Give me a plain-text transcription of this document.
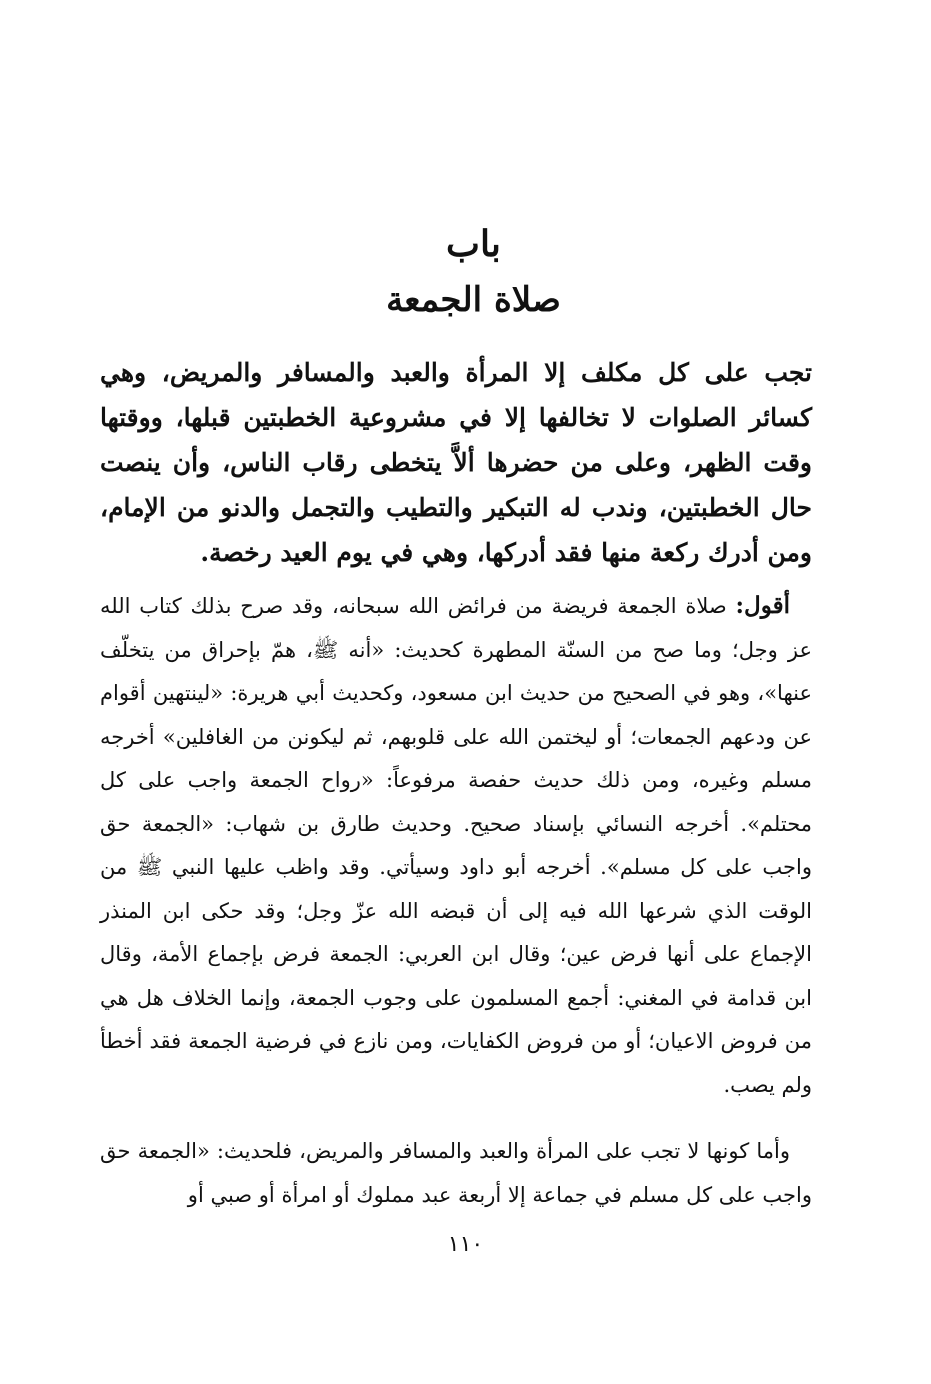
باب
صلاة الجمعة
تجب على كل مكلف إلا المرأة والعبد والمسافر والمريض، وهي كسائر الصلوات لا تخالفها إلا في مشروعية الخطبتين قبلها، ووقتها وقت الظهر، وعلى من حضرها ألاَّ يتخطى رقاب الناس، وأن ينصت حال الخطبتين، وندب له التبكير والتطيب والتجمل والدنو من الإمام، ومن أدرك ركعة منها فقد أدركها، وهي في يوم العيد رخصة.

أقول: صلاة الجمعة فريضة من فرائض الله سبحانه، وقد صرح بذلك كتاب الله عز وجل؛ وما صح من السنّة المطهرة كحديث: «أنه ﷺ، همّ بإحراق من يتخلّف عنها»، وهو في الصحيح من حديث ابن مسعود، وكحديث أبي هريرة: «لينتهين أقوام عن ودعهم الجمعات؛ أو ليختمن الله على قلوبهم، ثم ليكونن من الغافلين» أخرجه مسلم وغيره، ومن ذلك حديث حفصة مرفوعاً: «رواح الجمعة واجب على كل محتلم». أخرجه النسائي بإسناد صحيح. وحديث طارق بن شهاب: «الجمعة حق واجب على كل مسلم». أخرجه أبو داود وسيأتي. وقد واظب عليها النبي ﷺ من الوقت الذي شرعها الله فيه إلى أن قبضه الله عزّ وجل؛ وقد حكى ابن المنذر الإجماع على أنها فرض عين؛ وقال ابن العربي: الجمعة فرض بإجماع الأمة، وقال ابن قدامة في المغني: أجمع المسلمون على وجوب الجمعة، وإنما الخلاف هل هي من فروض الاعيان؛ أو من فروض الكفايات، ومن نازع في فرضية الجمعة فقد أخطأ ولم يصب.

وأما كونها لا تجب على المرأة والعبد والمسافر والمريض، فلحديث: «الجمعة حق واجب على كل مسلم في جماعة إلا أربعة عبد مملوك أو امرأة أو صبي أو
١١٠
